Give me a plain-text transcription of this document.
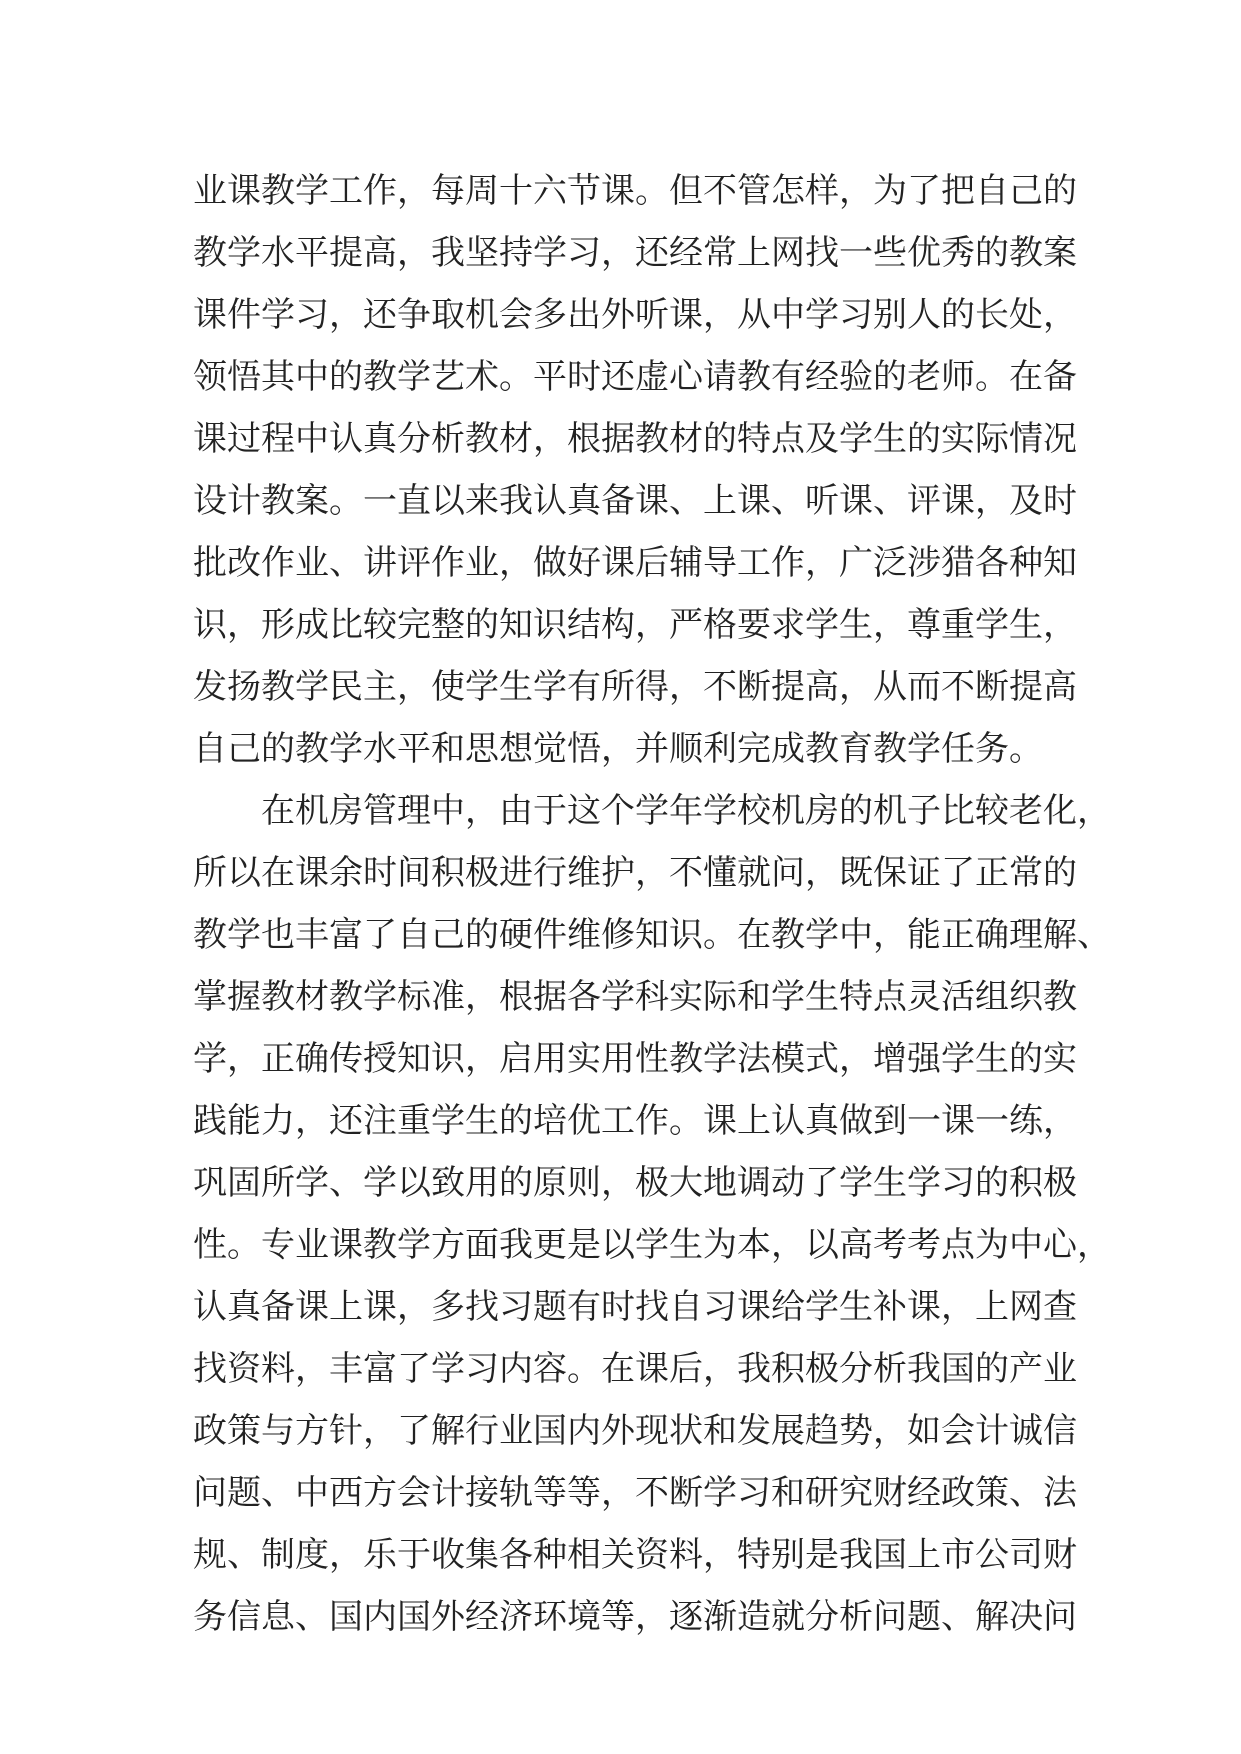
业课教学工作，每周十六节课。但不管怎样，为了把自己的
教学水平提高，我坚持学习，还经常上网找一些优秀的教案
课件学习，还争取机会多出外听课，从中学习别人的长处，
领悟其中的教学艺术。平时还虚心请教有经验的老师。在备
课过程中认真分析教材，根据教材的特点及学生的实际情况
设计教案。一直以来我认真备课、上课、听课、评课，及时
批改作业、讲评作业，做好课后辅导工作，广泛涉猎各种知
识，形成比较完整的知识结构，严格要求学生，尊重学生，
发扬教学民主，使学生学有所得，不断提高，从而不断提高
自己的教学水平和思想觉悟，并顺利完成教育教学任务。
在机房管理中，由于这个学年学校机房的机子比较老化，
所以在课余时间积极进行维护，不懂就问，既保证了正常的
教学也丰富了自己的硬件维修知识。在教学中，能正确理解、
掌握教材教学标准，根据各学科实际和学生特点灵活组织教
学，正确传授知识，启用实用性教学法模式，增强学生的实
践能力，还注重学生的培优工作。课上认真做到一课一练，
巩固所学、学以致用的原则，极大地调动了学生学习的积极
性。专业课教学方面我更是以学生为本，以高考考点为中心，
认真备课上课，多找习题有时找自习课给学生补课，上网查
找资料，丰富了学习内容。在课后，我积极分析我国的产业
政策与方针，了解行业国内外现状和发展趋势，如会计诚信
问题、中西方会计接轨等等，不断学习和研究财经政策、法
规、制度，乐于收集各种相关资料，特别是我国上市公司财
务信息、国内国外经济环境等，逐渐造就分析问题、解决问
